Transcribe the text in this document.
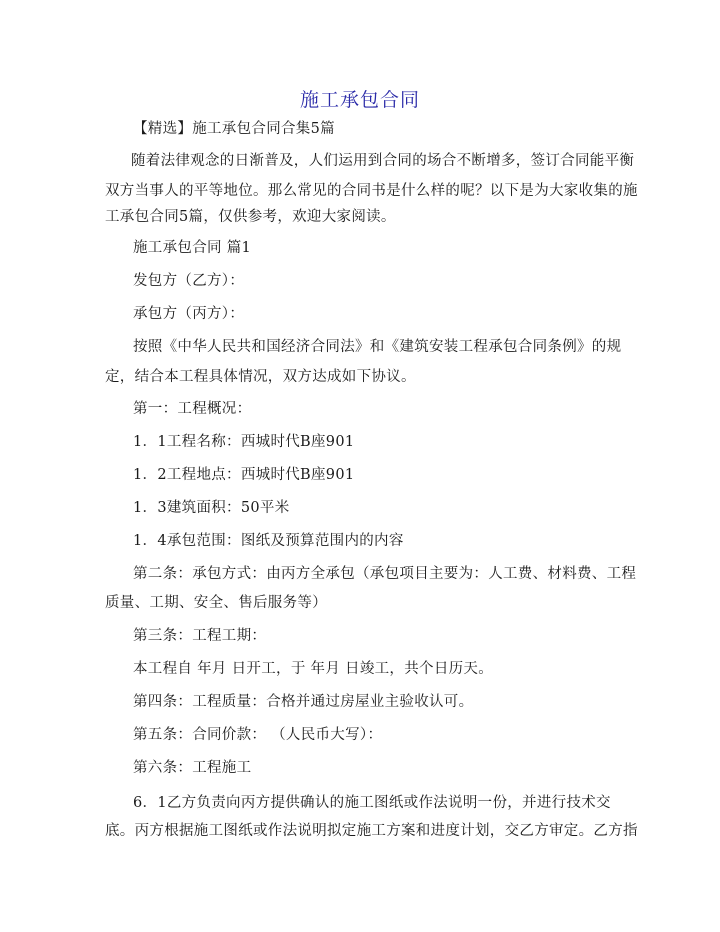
施工承包合同
【精选】施工承包合同合集5篇
随着法律观念的日渐普及，人们运用到合同的场合不断增多，签订合同能平衡
双方当事人的平等地位。那么常见的合同书是什么样的呢？以下是为大家收集的施
工承包合同5篇，仅供参考，欢迎大家阅读。
施工承包合同 篇1
发包方（乙方）：
承包方（丙方）：
按照《中华人民共和国经济合同法》和《建筑安装工程承包合同条例》的规
定，结合本工程具体情况，双方达成如下协议。
第一：工程概况：
1．1工程名称：西城时代B座901
1．2工程地点：西城时代B座901
1．3建筑面积：50平米
1．4承包范围：图纸及预算范围内的内容
第二条：承包方式：由丙方全承包（承包项目主要为：人工费、材料费、工程
质量、工期、安全、售后服务等）
第三条：工程工期：
本工程自 年月 日开工，于 年月 日竣工，共个日历天。
第四条：工程质量：合格并通过房屋业主验收认可。
第五条：合同价款： （人民币大写）：
第六条：工程施工
6．1乙方负责向丙方提供确认的施工图纸或作法说明一份，并进行技术交
底。丙方根据施工图纸或作法说明拟定施工方案和进度计划，交乙方审定。乙方指
